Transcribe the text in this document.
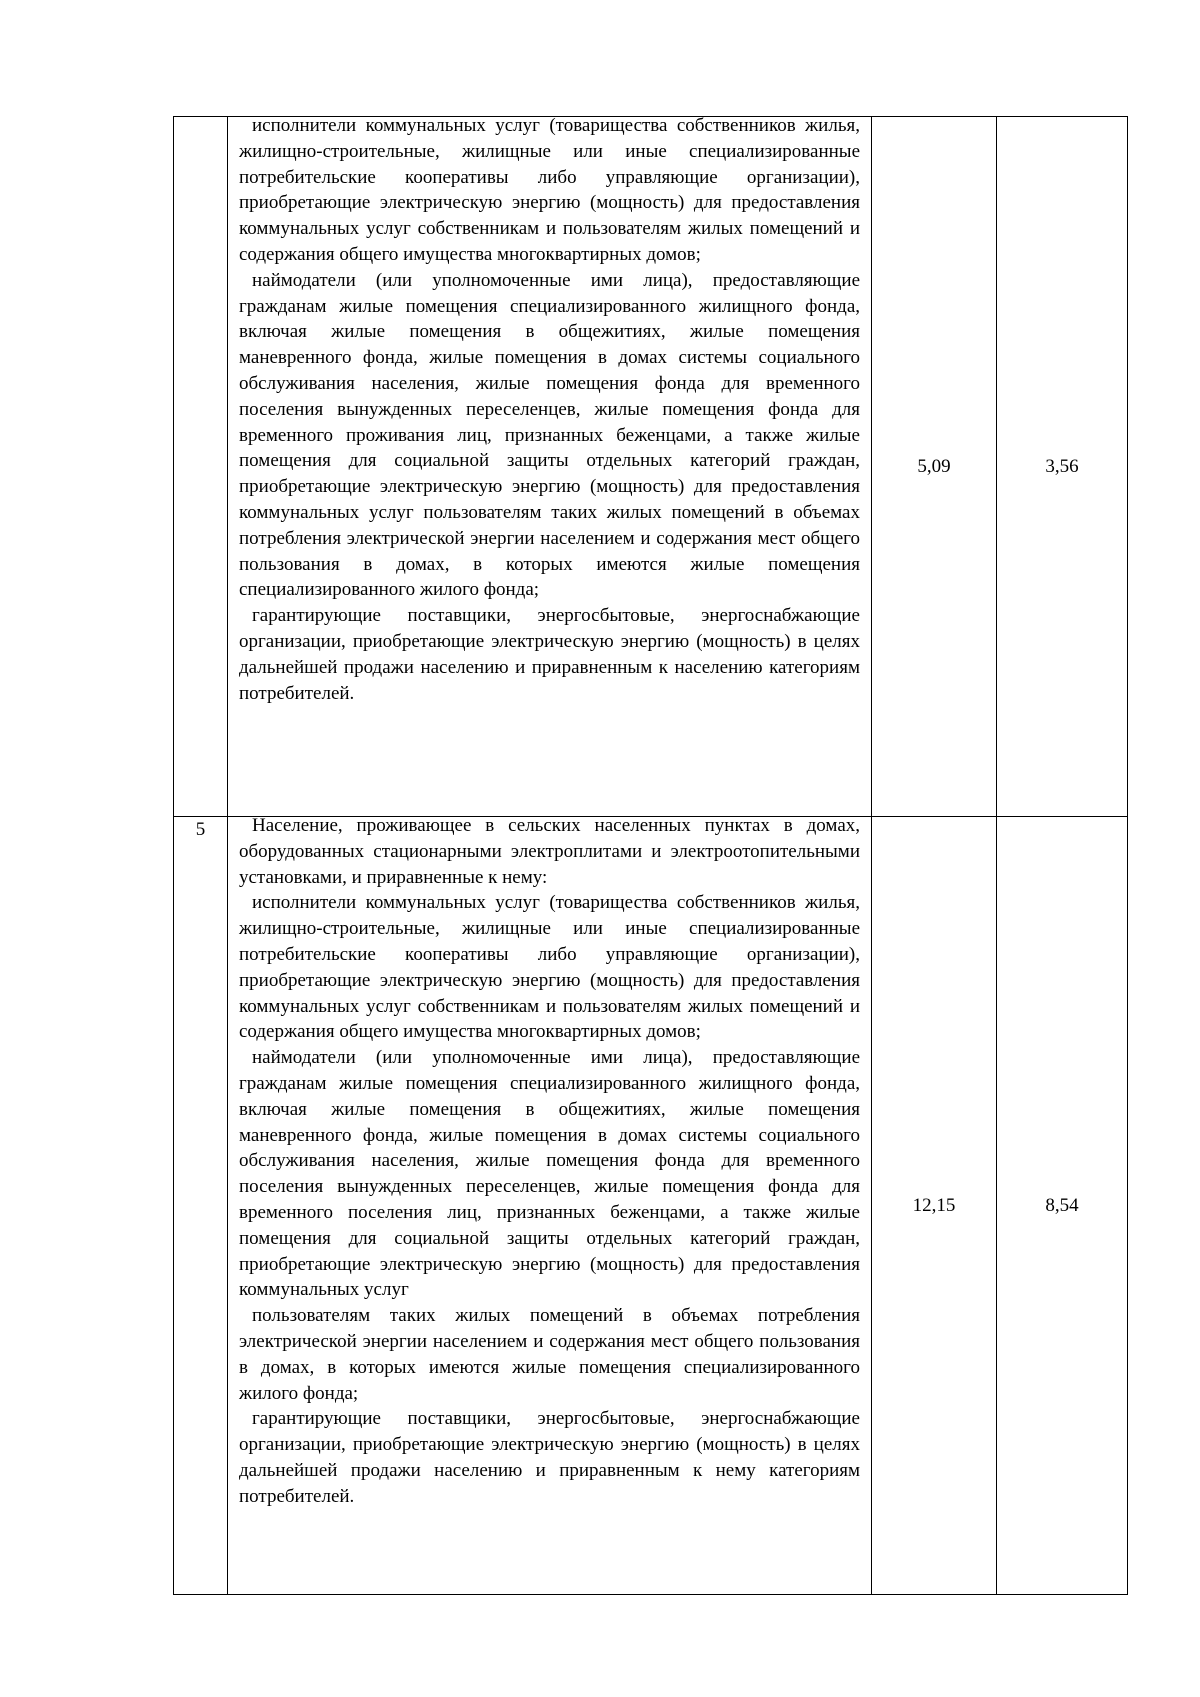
	исполнители коммунальных услуг (товарищества собственников жилья, жилищно-строительные, жилищные или иные специализированные потребительские кооперативы либо управляющие организации), приобретающие электрическую энергию (мощность) для предоставления коммунальных услуг собственникам и пользователям жилых помещений и содержания общего имущества многоквартирных домов;

наймодатели (или уполномоченные ими лица), предоставляющие гражданам жилые помещения специализированного жилищного фонда, включая жилые помещения в общежитиях, жилые помещения маневренного фонда, жилые помещения в домах системы социального обслуживания населения, жилые помещения фонда для временного поселения вынужденных переселенцев, жилые помещения фонда для временного проживания лиц, признанных беженцами, а также жилые помещения для социальной защиты отдельных категорий граждан, приобретающие электрическую энергию (мощность) для предоставления коммунальных услуг пользователям таких жилых помещений в объемах потребления электрической энергии населением и содержания мест общего пользования в домах, в которых имеются жилые помещения специализированного жилого фонда;

гарантирующие поставщики, энергосбытовые, энергоснабжающие организации, приобретающие электрическую энергию (мощность) в целях дальнейшей продажи населению и приравненным к населению категориям потребителей.	5,09	3,56
5	Население, проживающее в сельских населенных пунктах в домах, оборудованных стационарными электроплитами и электроотопительными установками, и приравненные к нему:

исполнители коммунальных услуг (товарищества собственников жилья, жилищно-строительные, жилищные или иные специализированные потребительские кооперативы либо управляющие организации), приобретающие электрическую энергию (мощность) для предоставления коммунальных услуг собственникам и пользователям жилых помещений и содержания общего имущества многоквартирных домов;

наймодатели (или уполномоченные ими лица), предоставляющие гражданам жилые помещения специализированного жилищного фонда, включая жилые помещения в общежитиях, жилые помещения маневренного фонда, жилые помещения в домах системы социального обслуживания населения, жилые помещения фонда для временного поселения вынужденных переселенцев, жилые помещения фонда для временного поселения лиц, признанных беженцами, а также жилые помещения для социальной защиты отдельных категорий граждан, приобретающие электрическую энергию (мощность) для предоставления коммунальных услуг

пользователям таких жилых помещений в объемах потребления электрической энергии населением и содержания мест общего пользования в домах, в которых имеются жилые помещения специализированного жилого фонда;

гарантирующие поставщики, энергосбытовые, энергоснабжающие организации, приобретающие электрическую энергию (мощность) в целях дальнейшей продажи населению и приравненным к нему категориям потребителей.	12,15	8,54
